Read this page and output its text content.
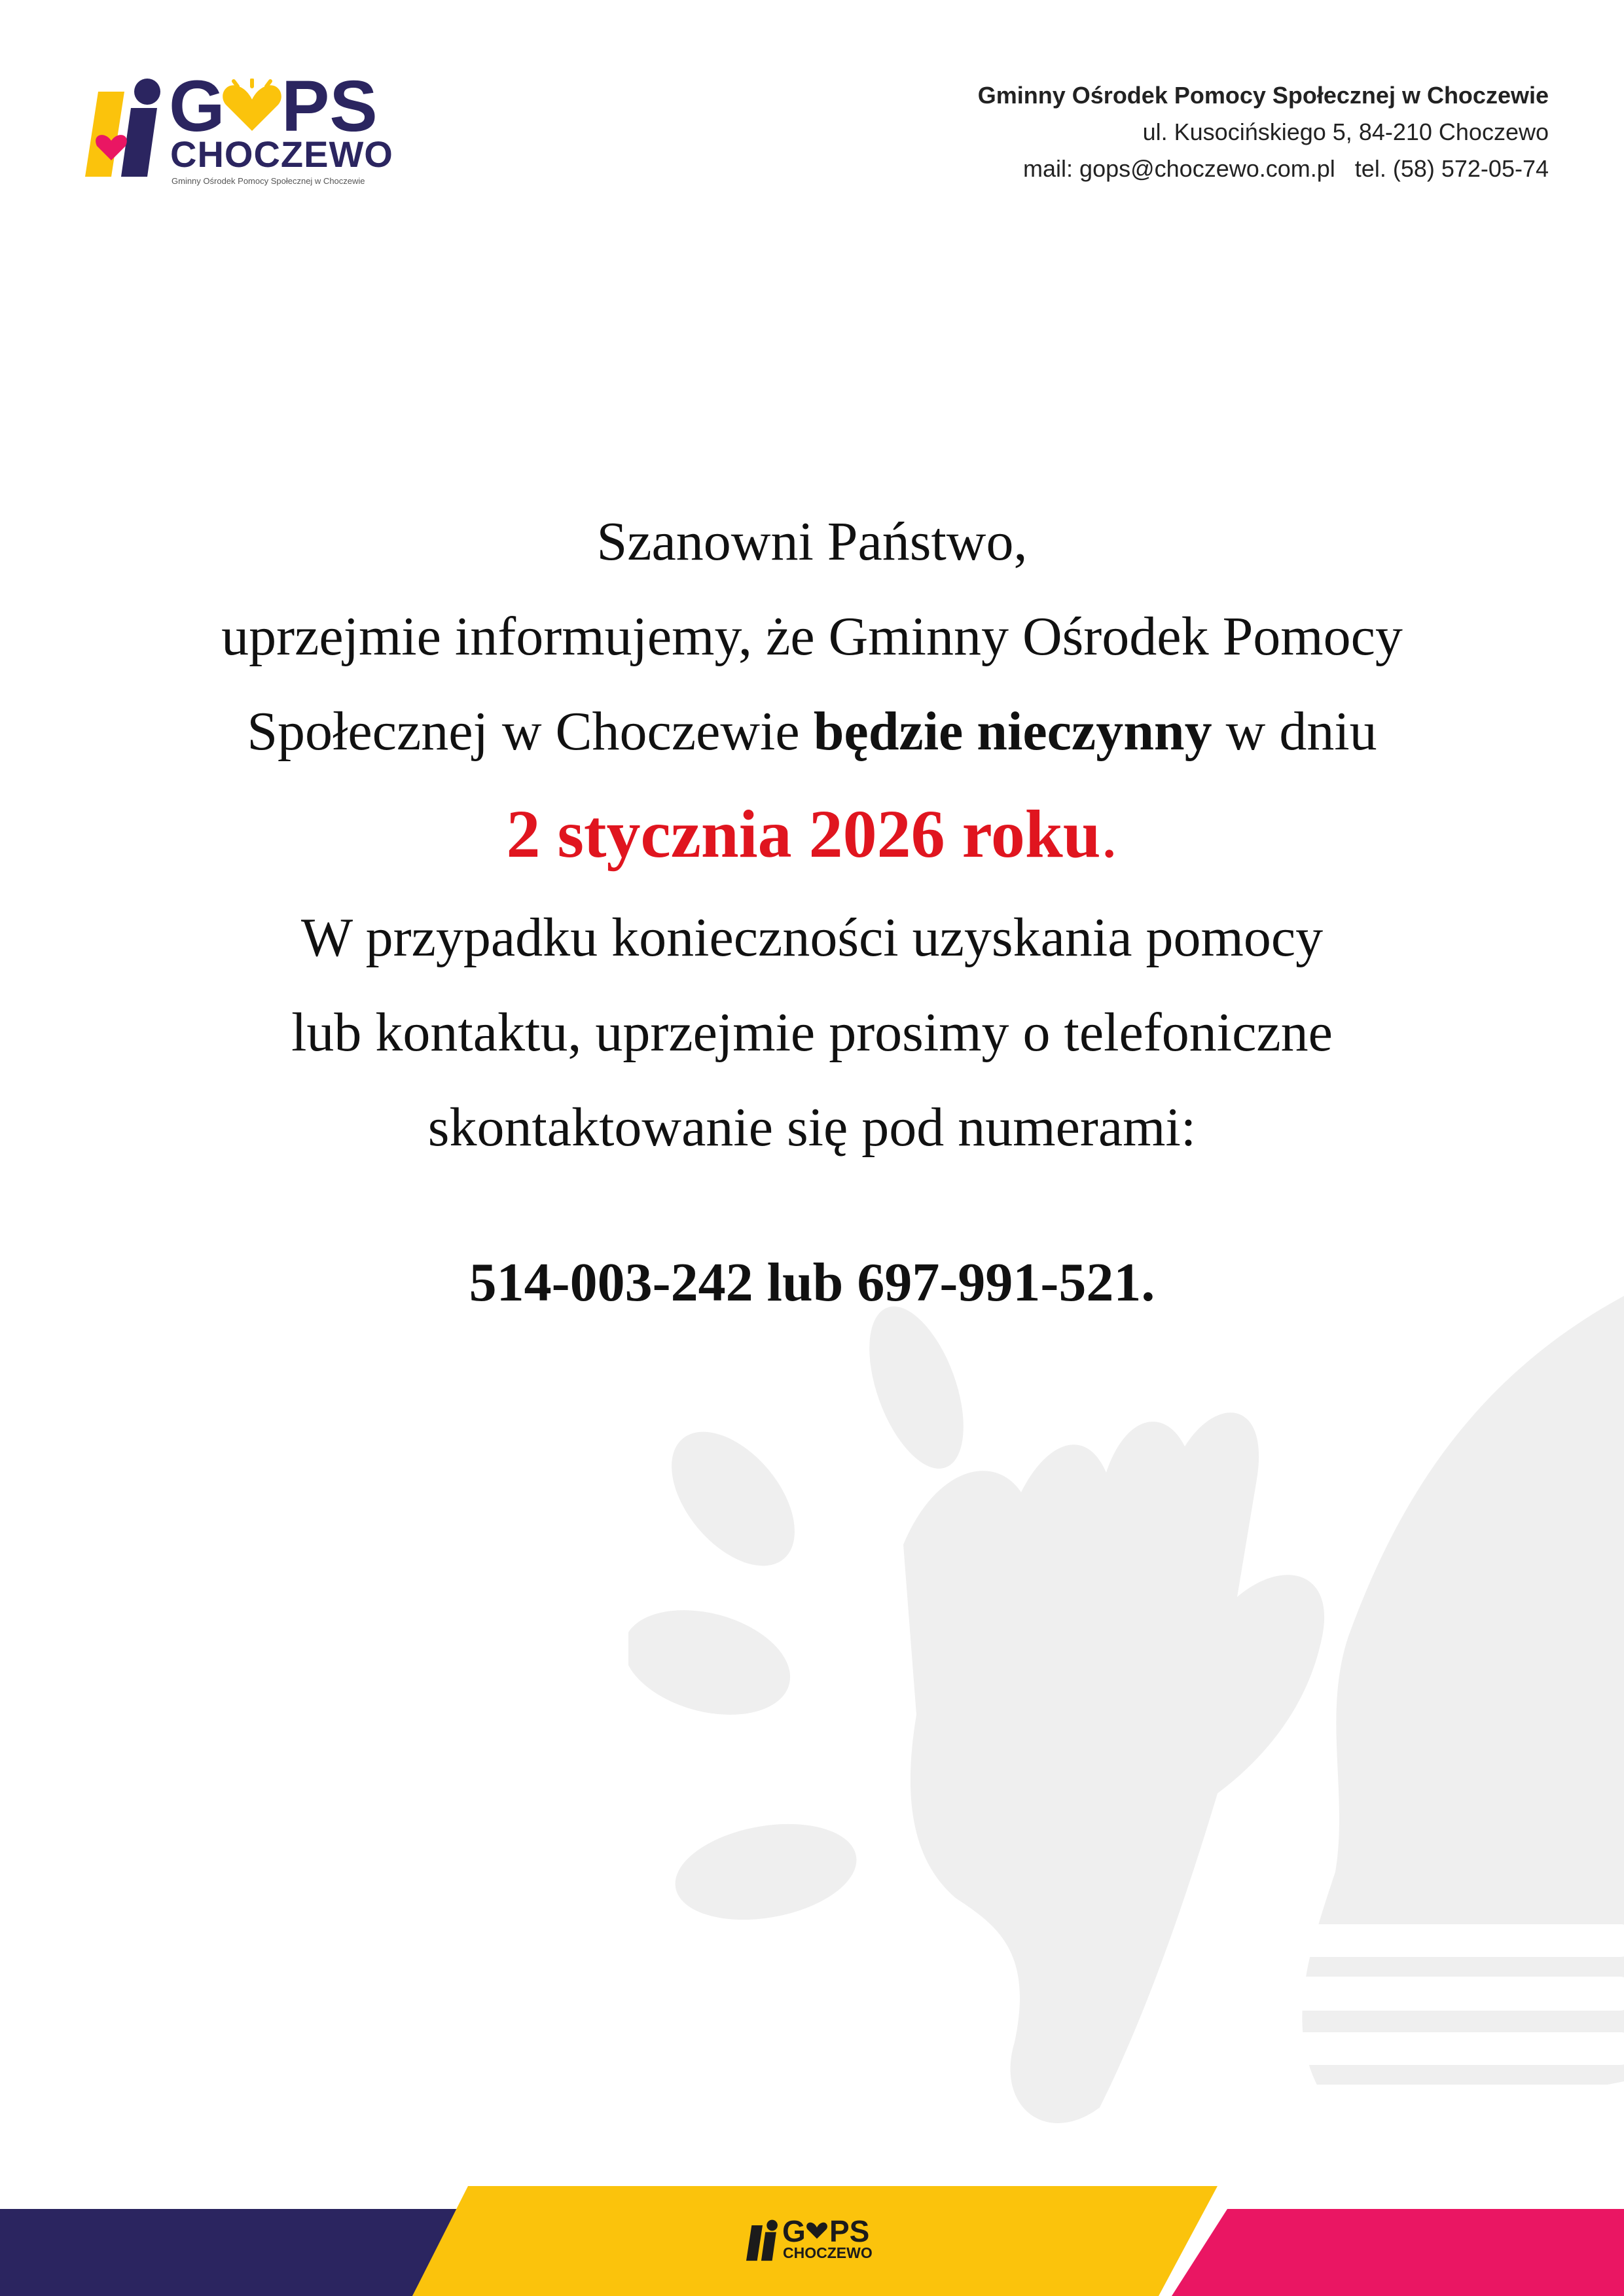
G PS
CHOCZEWO
Gminny Ośrodek Pomocy Społecznej w Choczewie
Gminny Ośrodek Pomocy Społecznej w Choczewie
ul. Kusocińskiego 5, 84-210 Choczewo
mail: gops@choczewo.com.pl tel. (58) 572-05-74

Szanowni Państwo,

uprzejmie informujemy, że Gminny Ośrodek Pomocy

Społecznej w Choczewie będzie nieczynny w dniu

2 stycznia 2026 roku.

W przypadku konieczności uzyskania pomocy

lub kontaktu, uprzejmie prosimy o telefoniczne

skontaktowanie się pod numerami:

514-003-242 lub 697-991-521.

G PS
CHOCZEWO
